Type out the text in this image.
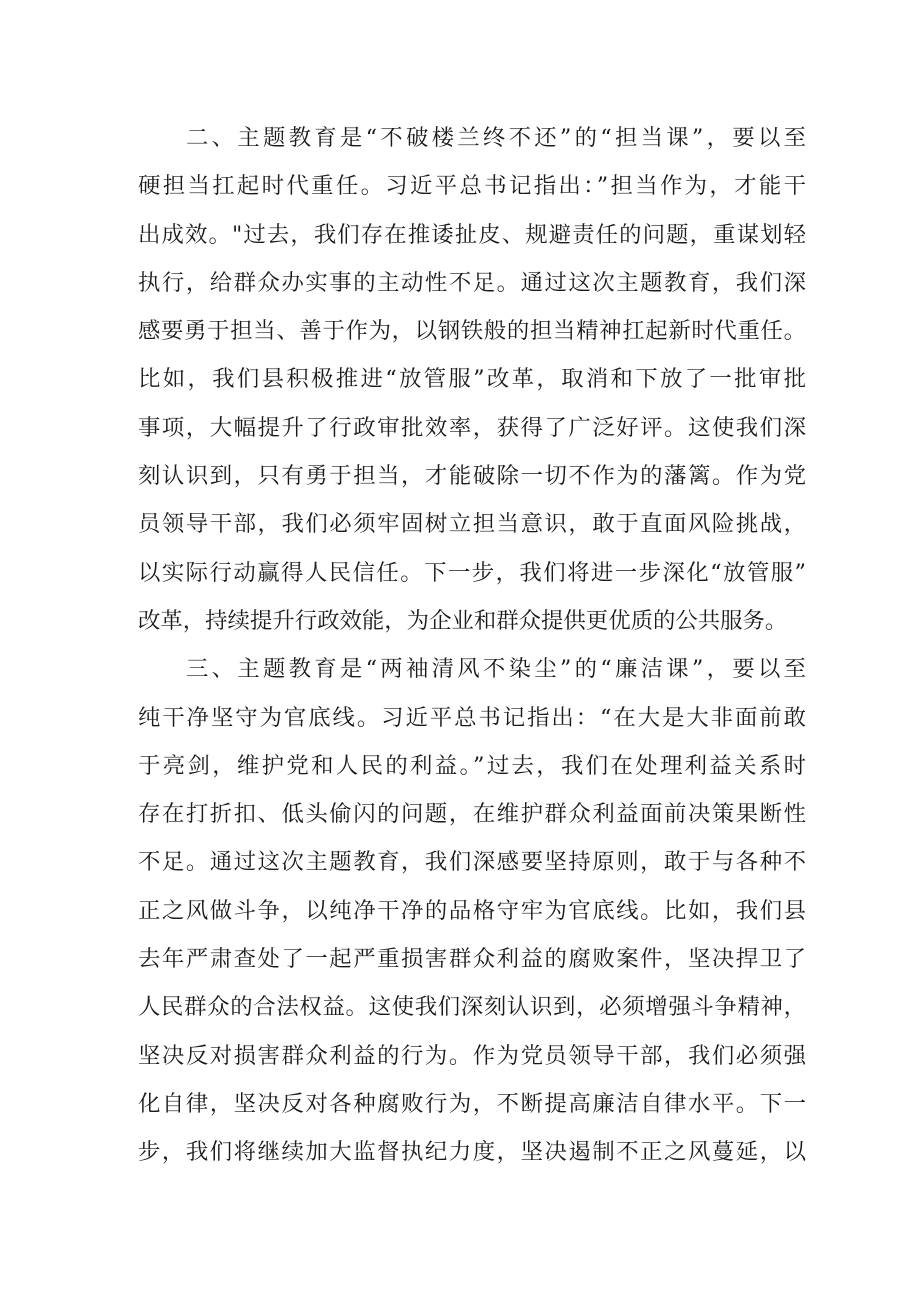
二、主题教育是“不破楼兰终不还”的“担当课”，要以至
硬担当扛起时代重任。习近平总书记指出：”担当作为，才能干
出成效。"过去，我们存在推诿扯皮、规避责任的问题，重谋划轻
执行，给群众办实事的主动性不足。通过这次主题教育，我们深
感要勇于担当、善于作为，以钢铁般的担当精神扛起新时代重任。
比如，我们县积极推进“放管服”改革，取消和下放了一批审批
事项，大幅提升了行政审批效率，获得了广泛好评。这使我们深
刻认识到，只有勇于担当，才能破除一切不作为的藩篱。作为党
员领导干部，我们必须牢固树立担当意识，敢于直面风险挑战，
以实际行动赢得人民信任。下一步，我们将进一步深化“放管服”
改革，持续提升行政效能，为企业和群众提供更优质的公共服务。
三、主题教育是“两袖清风不染尘”的“廉洁课”，要以至
纯干净坚守为官底线。习近平总书记指出：“在大是大非面前敢
于亮剑，维护党和人民的利益。”过去，我们在处理利益关系时
存在打折扣、低头偷闪的问题，在维护群众利益面前决策果断性
不足。通过这次主题教育，我们深感要坚持原则，敢于与各种不
正之风做斗争，以纯净干净的品格守牢为官底线。比如，我们县
去年严肃查处了一起严重损害群众利益的腐败案件，坚决捍卫了
人民群众的合法权益。这使我们深刻认识到，必须增强斗争精神，
坚决反对损害群众利益的行为。作为党员领导干部，我们必须强
化自律，坚决反对各种腐败行为，不断提高廉洁自律水平。下一
步，我们将继续加大监督执纪力度，坚决遏制不正之风蔓延，以
